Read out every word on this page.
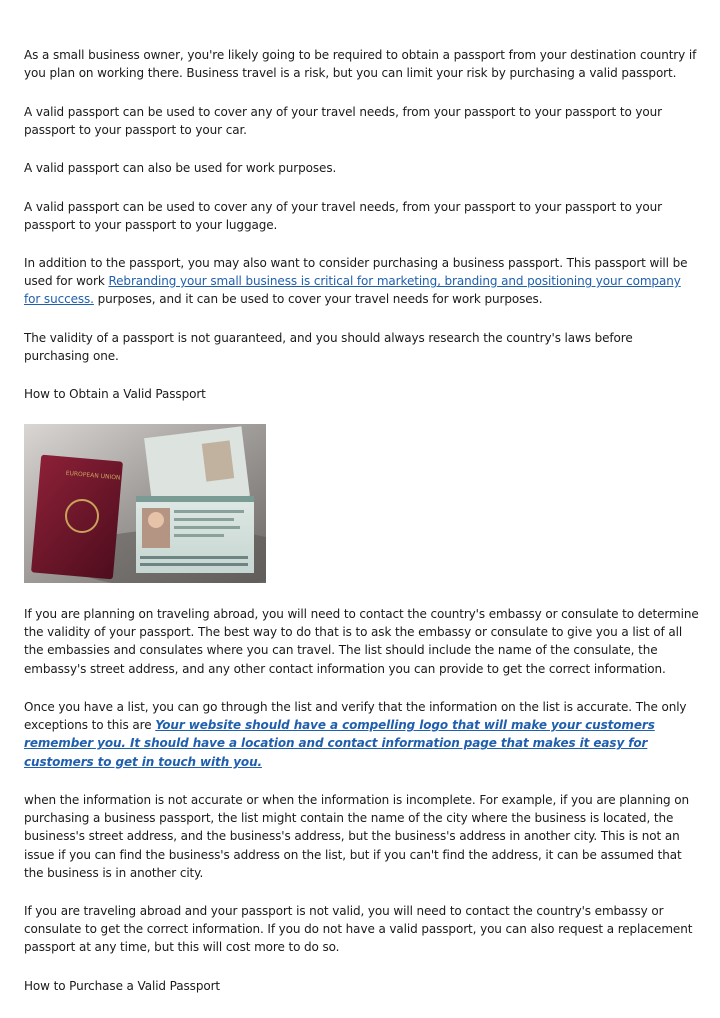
As a small business owner, you're likely going to be required to obtain a passport from your destination country if you plan on working there. Business travel is a risk, but you can limit your risk by purchasing a valid passport.

A valid passport can be used to cover any of your travel needs, from your passport to your passport to your passport to your passport to your car.

A valid passport can also be used for work purposes.

A valid passport can be used to cover any of your travel needs, from your passport to your passport to your passport to your passport to your luggage.

In addition to the passport, you may also want to consider purchasing a business passport. This passport will be used for work Rebranding your small business is critical for marketing, branding and positioning your company for success. purposes, and it can be used to cover your travel needs for work purposes.

The validity of a passport is not guaranteed, and you should always research the country's laws before purchasing one.

How to Obtain a Valid Passport

EUROPEAN UNION

If you are planning on traveling abroad, you will need to contact the country's embassy or consulate to determine the validity of your passport. The best way to do that is to ask the embassy or consulate to give you a list of all the embassies and consulates where you can travel. The list should include the name of the consulate, the embassy's street address, and any other contact information you can provide to get the correct information.

Once you have a list, you can go through the list and verify that the information on the list is accurate. The only exceptions to this are Your website should have a compelling logo that will make your customers remember you. It should have a location and contact information page that makes it easy for customers to get in touch with you.

when the information is not accurate or when the information is incomplete. For example, if you are planning on purchasing a business passport, the list might contain the name of the city where the business is located, the business's street address, and the business's address, but the business's address in another city. This is not an issue if you can find the business's address on the list, but if you can't find the address, it can be assumed that the business is in another city.

If you are traveling abroad and your passport is not valid, you will need to contact the country's embassy or consulate to get the correct information. If you do not have a valid passport, you can also request a replacement passport at any time, but this will cost more to do so.

How to Purchase a Valid Passport
